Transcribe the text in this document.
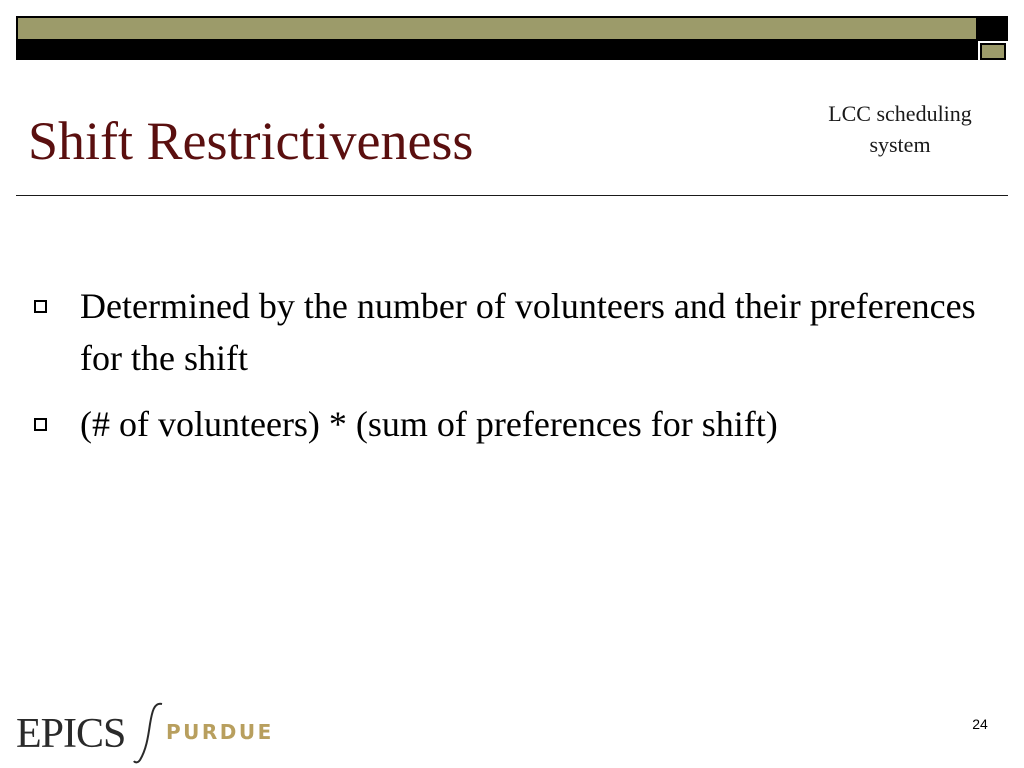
Shift Restrictiveness	LCC scheduling
system
Determined by the number of volunteers and their preferences for the shift
(# of volunteers) * (sum of preferences for shift)
EPICS PURDUE	24
